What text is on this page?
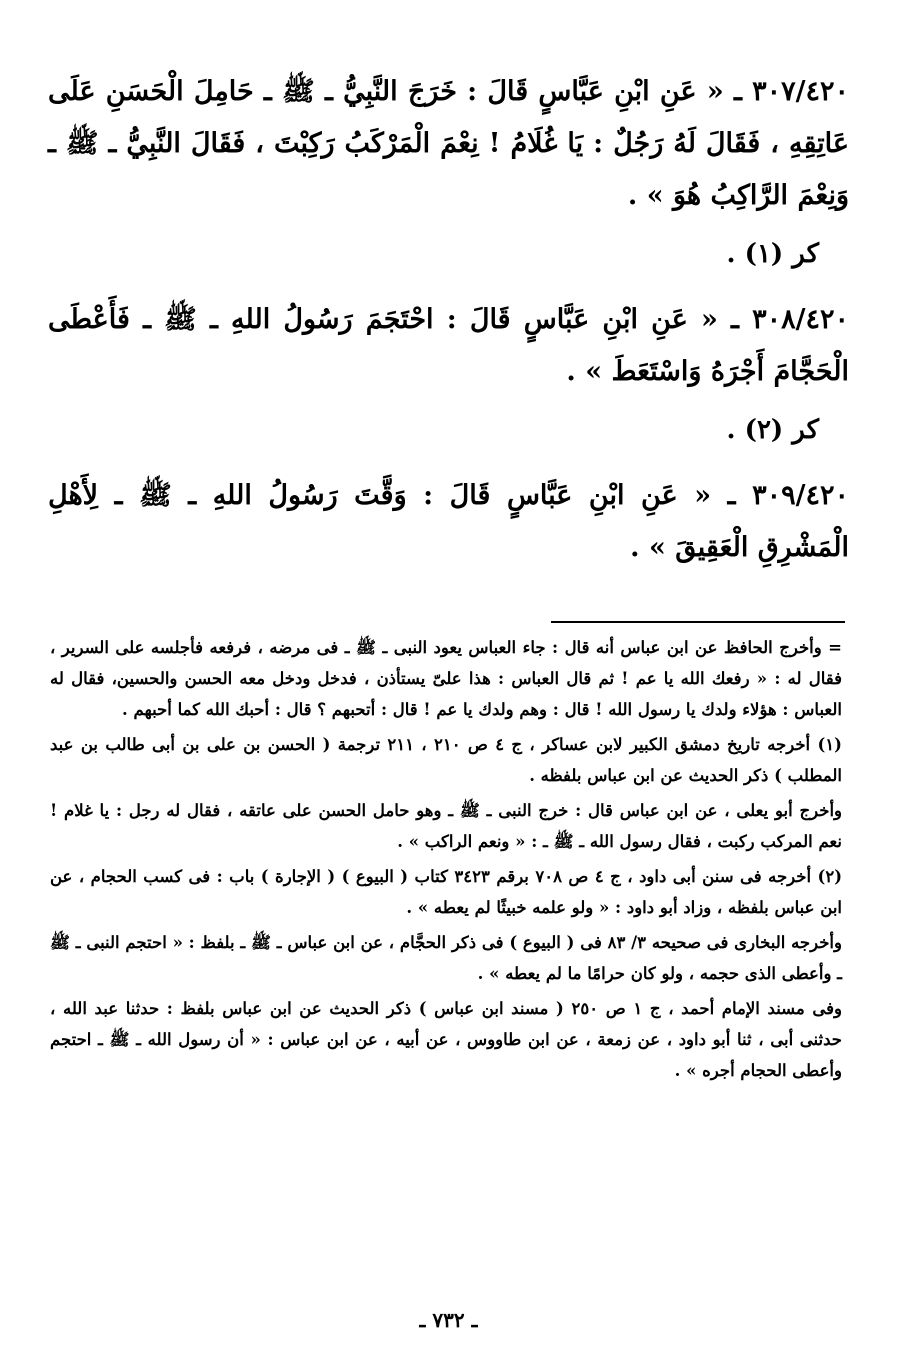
٣٠٧/٤٢٠ ـ « عَنِ ابْنِ عَبَّاسٍ قَالَ : خَرَجَ النَّبِيُّ ـ ﷺ ـ حَامِلَ الْحَسَنِ عَلَى عَاتِقِهِ ، فَقَالَ لَهُ رَجُلٌ : يَا غُلَامُ ! نِعْمَ الْمَرْكَبُ رَكِبْتَ ، فَقَالَ النَّبِيُّ ـ ﷺ ـ وَنِعْمَ الرَّاكِبُ هُوَ » .

كر (١) .

٣٠٨/٤٢٠ ـ « عَنِ ابْنِ عَبَّاسٍ قَالَ : احْتَجَمَ رَسُولُ اللهِ ـ ﷺ ـ فَأَعْطَى الْحَجَّامَ أَجْرَهُ وَاسْتَعَطَ » .

كر (٢) .

٣٠٩/٤٢٠ ـ « عَنِ ابْنِ عَبَّاسٍ قَالَ : وَقَّتَ رَسُولُ اللهِ ـ ﷺ ـ لِأَهْلِ الْمَشْرِقِ الْعَقِيقَ » .

= وأخرج الحافظ عن ابن عباس أنه قال : جاء العباس يعود النبى ـ ﷺ ـ فى مرضه ، فرفعه فأجلسه على السرير ، فقال له : « رفعك الله يا عم ! ثم قال العباس : هذا علىّ يستأذن ، فدخل ودخل معه الحسن والحسين، فقال له العباس : هؤلاء ولدك يا رسول الله ! قال : وهم ولدك يا عم ! قال : أتحبهم ؟ قال : أحبك الله كما أحبهم .

(١) أخرجه تاريخ دمشق الكبير لابن عساكر ، ج ٤ ص ٢١٠ ، ٢١١ ترجمة ( الحسن بن على بن أبى طالب بن عبد المطلب ) ذكر الحديث عن ابن عباس بلفظه .

وأخرج أبو يعلى ، عن ابن عباس قال : خرج النبى ـ ﷺ ـ وهو حامل الحسن على عاتقه ، فقال له رجل : يا غلام ! نعم المركب ركبت ، فقال رسول الله ـ ﷺ ـ : « ونعم الراكب » .

(٢) أخرجه فى سنن أبى داود ، ج ٤ ص ٧٠٨ برقم ٣٤٢٣ كتاب ( البيوع ) ( الإجارة ) باب : فى كسب الحجام ، عن ابن عباس بلفظه ، وزاد أبو داود : « ولو علمه خبيثًا لم يعطه » .

وأخرجه البخارى فى صحيحه ٣/ ٨٣ فى ( البيوع ) فى ذكر الحجَّام ، عن ابن عباس ـ ﷺ ـ بلفظ : « احتجم النبى ـ ﷺ ـ وأعطى الذى حجمه ، ولو كان حرامًا ما لم يعطه » .

وفى مسند الإمام أحمد ، ج ١ ص ٢٥٠ ( مسند ابن عباس ) ذكر الحديث عن ابن عباس بلفظ : حدثنا عبد الله ، حدثنى أبى ، ثنا أبو داود ، عن زمعة ، عن ابن طاووس ، عن أبيه ، عن ابن عباس : « أن رسول الله ـ ﷺ ـ احتجم وأعطى الحجام أجره » .

ـ ٧٣٢ ـ
